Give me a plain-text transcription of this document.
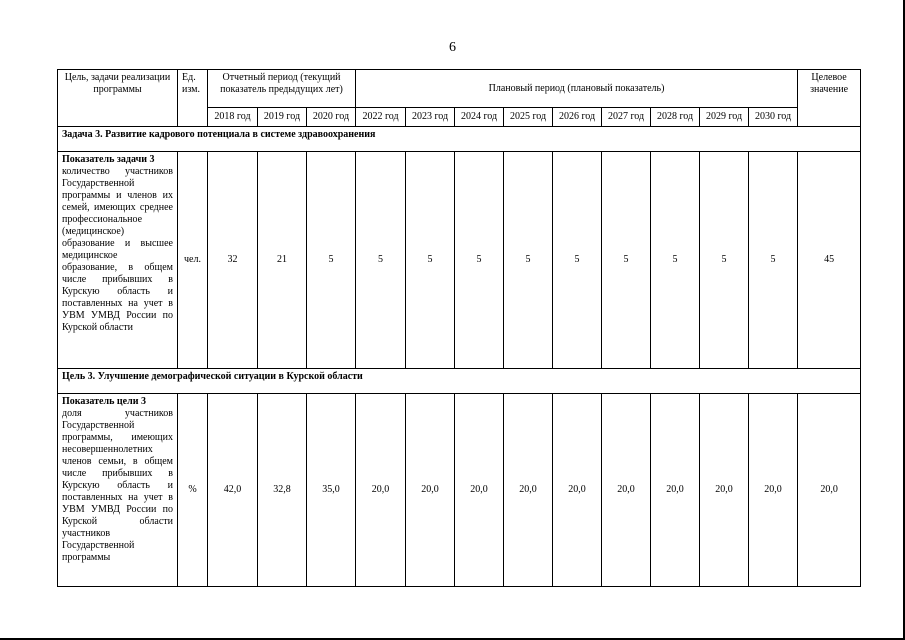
6
Цель, задачи реализации программы	Ед. изм.	Отчетный период (текущий показатель предыдущих лет)			Плановый период (плановый показатель)									Целевое значение
		2018 год	2019 год	2020 год	2022 год	2023 год	2024 год	2025 год	2026 год	2027 год	2028 год	2029 год	2030 год	
Задача 3. Развитие кадрового потенциала в системе здравоохранения														
Показатель задачи 3
количество участников Государственной программы и членов их семей, имеющих среднее профессиональное (медицинское) образование и высшее медицинское образование, в общем числе прибывших в Курскую область и поставленных на учет в УВМ УМВД России по Курской области	чел.	32	21	5	5	5	5	5	5	5	5	5	5	45
Цель 3. Улучшение демографической ситуации в Курской области														
Показатель цели 3
доля участников Государственной программы, имеющих несовершеннолетних членов семьи, в общем числе прибывших в Курскую область и поставленных на учет в УВМ УМВД России по Курской области участников Государственной программы	%	42,0	32,8	35,0	20,0	20,0	20,0	20,0	20,0	20,0	20,0	20,0	20,0	20,0
